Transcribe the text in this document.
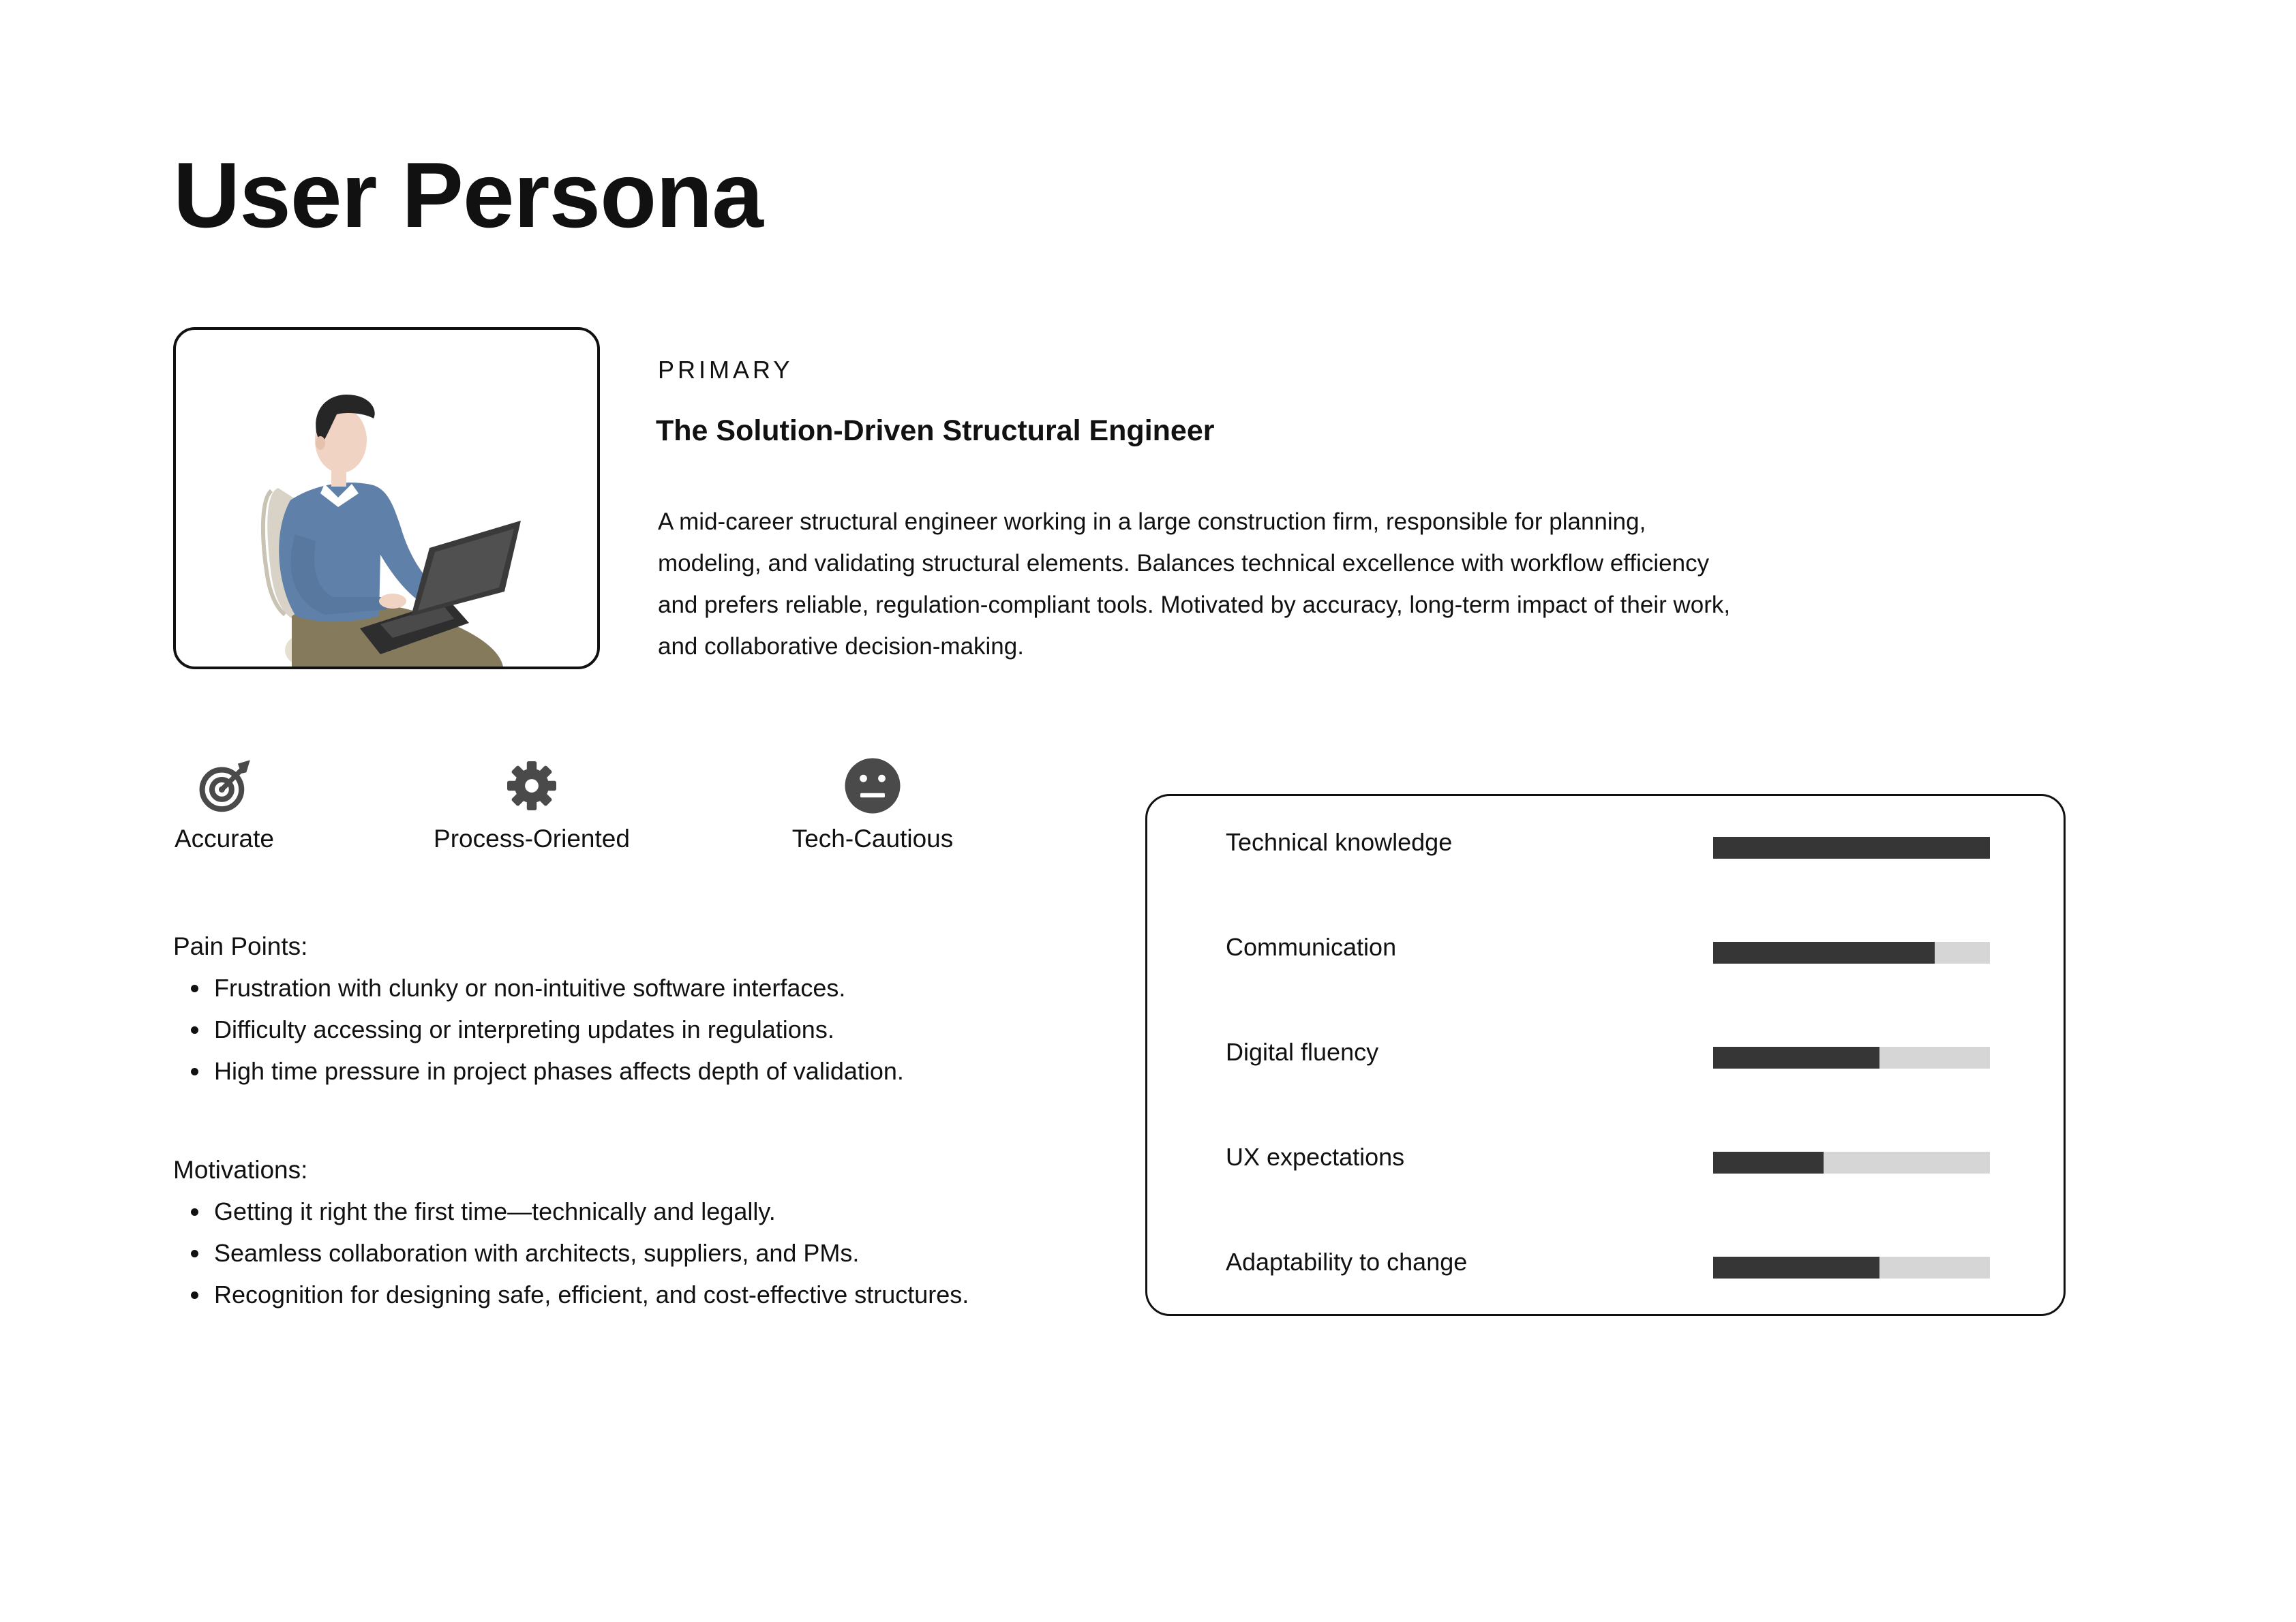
User Persona
PRIMARY
The Solution-Driven Structural Engineer

A mid-career structural engineer working in a large construction firm, responsible for planning,

modeling, and validating structural elements. Balances technical excellence with workflow efficiency

and prefers reliable, regulation-compliant tools. Motivated by accuracy, long-term impact of their work,

and collaborative decision-making.

Accurate	Process-Oriented	Tech-Cautious
Pain Points:
Frustration with clunky or non-intuitive software interfaces.
Difficulty accessing or interpreting updates in regulations.
High time pressure in project phases affects depth of validation.
Motivations:
Getting it right the first time—technically and legally.
Seamless collaboration with architects, suppliers, and PMs.
Recognition for designing safe, efficient, and cost-effective structures.
Technical knowledge
Communication
Digital fluency
UX expectations
Adaptability to change
